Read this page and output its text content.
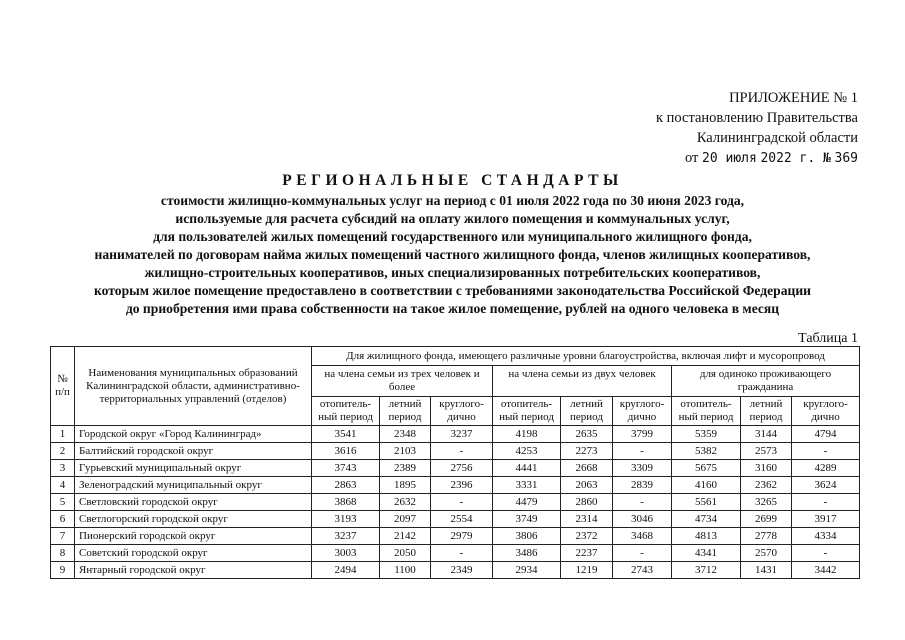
ПРИЛОЖЕНИЕ № 1
к постановлению Правительства
Калининградской области
от 20 июля 2022 г. № 369
РЕГИОНАЛЬНЫЕ СТАНДАРТЫ
стоимости жилищно-коммунальных услуг на период с 01 июля 2022 года по 30 июня 2023 года,
используемые для расчета субсидий на оплату жилого помещения и коммунальных услуг,
для пользователей жилых помещений государственного или муниципального жилищного фонда,
нанимателей по договорам найма жилых помещений частного жилищного фонда, членов жилищных кооперативов,
жилищно-строительных кооперативов, иных специализированных потребительских кооперативов,
которым жилое помещение предоставлено в соответствии с требованиями законодательства Российской Федерации
до приобретения ими права собственности на такое жилое помещение, рублей на одного человека в месяц
Таблица 1
№ п/п	Наименования муниципальных образований Калининградской области, административно-территориальных управлений (отделов)	Для жилищного фонда, имеющего различные уровни благоустройства, включая лифт и мусоропровод								
		на члена семьи из трех человек и более			на члена семьи из двух человек			для одиноко проживающего гражданина		
		отопитель-ный период	летний период	круглого-дично	отопитель-ный период	летний период	круглого-дично	отопитель-ный период	летний период	круглого-дично
1	Городской округ «Город Калининград»	3541	2348	3237	4198	2635	3799	5359	3144	4794
2	Балтийский городской округ	3616	2103	-	4253	2273	-	5382	2573	-
3	Гурьевский муниципальный округ	3743	2389	2756	4441	2668	3309	5675	3160	4289
4	Зеленоградский муниципальный округ	2863	1895	2396	3331	2063	2839	4160	2362	3624
5	Светловский городской округ	3868	2632	-	4479	2860	-	5561	3265	-
6	Светлогорский городской округ	3193	2097	2554	3749	2314	3046	4734	2699	3917
7	Пионерский городской округ	3237	2142	2979	3806	2372	3468	4813	2778	4334
8	Советский городской округ	3003	2050	-	3486	2237	-	4341	2570	-
9	Янтарный городской округ	2494	1100	2349	2934	1219	2743	3712	1431	3442
